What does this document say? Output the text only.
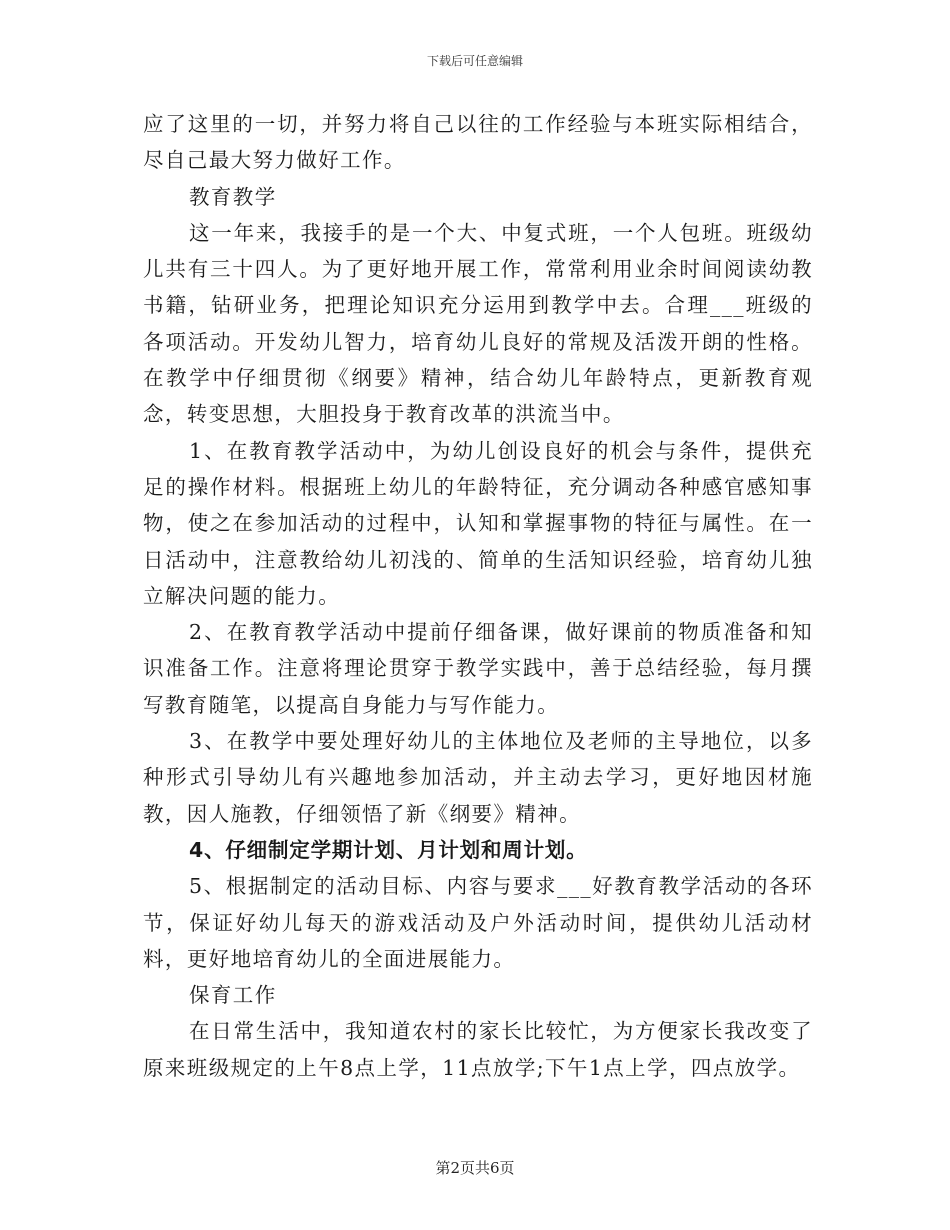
下载后可任意编辑

应了这里的一切，并努力将自己以往的工作经验与本班实际相结合，尽自己最大努力做好工作。

教育教学

这一年来，我接手的是一个大、中复式班，一个人包班。班级幼儿共有三十四人。为了更好地开展工作，常常利用业余时间阅读幼教书籍，钻研业务，把理论知识充分运用到教学中去。合理___班级的各项活动。开发幼儿智力，培育幼儿良好的常规及活泼开朗的性格。在教学中仔细贯彻《纲要》精神，结合幼儿年龄特点，更新教育观念，转变思想，大胆投身于教育改革的洪流当中。

1、在教育教学活动中，为幼儿创设良好的机会与条件，提供充足的操作材料。根据班上幼儿的年龄特征，充分调动各种感官感知事物，使之在参加活动的过程中，认知和掌握事物的特征与属性。在一日活动中，注意教给幼儿初浅的、简单的生活知识经验，培育幼儿独立解决问题的能力。

2、在教育教学活动中提前仔细备课，做好课前的物质准备和知识准备工作。注意将理论贯穿于教学实践中，善于总结经验，每月撰写教育随笔，以提高自身能力与写作能力。

3、在教学中要处理好幼儿的主体地位及老师的主导地位，以多种形式引导幼儿有兴趣地参加活动，并主动去学习，更好地因材施教，因人施教，仔细领悟了新《纲要》精神。

4、仔细制定学期计划、月计划和周计划。

5、根据制定的活动目标、内容与要求___好教育教学活动的各环节，保证好幼儿每天的游戏活动及户外活动时间，提供幼儿活动材料，更好地培育幼儿的全面进展能力。

保育工作

在日常生活中，我知道农村的家长比较忙，为方便家长我改变了原来班级规定的上午8点上学，11点放学;下午1点上学，四点放学。

第2页共6页
